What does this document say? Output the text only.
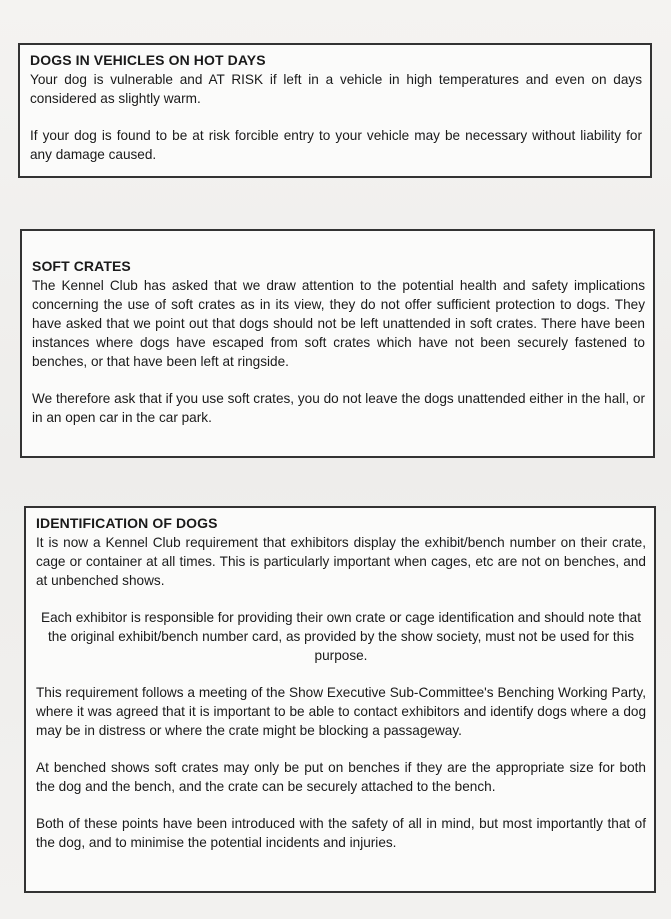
DOGS IN VEHICLES ON HOT DAYS

Your dog is vulnerable and AT RISK if left in a vehicle in high temperatures and even on days considered as slightly warm.

If your dog is found to be at risk forcible entry to your vehicle may be necessary without liability for any damage caused.

SOFT CRATES

The Kennel Club has asked that we draw attention to the potential health and safety implications concerning the use of soft crates as in its view, they do not offer sufficient protection to dogs. They have asked that we point out that dogs should not be left unattended in soft crates. There have been instances where dogs have escaped from soft crates which have not been securely fastened to benches, or that have been left at ringside.

We therefore ask that if you use soft crates, you do not leave the dogs unattended either in the hall, or in an open car in the car park.

IDENTIFICATION OF DOGS

It is now a Kennel Club requirement that exhibitors display the exhibit/bench number on their crate, cage or container at all times. This is particularly important when cages, etc are not on benches, and at unbenched shows.

Each exhibitor is responsible for providing their own crate or cage identification and should note that the original exhibit/bench number card, as provided by the show society, must not be used for this purpose.

This requirement follows a meeting of the Show Executive Sub-Committee's Benching Working Party, where it was agreed that it is important to be able to contact exhibitors and identify dogs where a dog may be in distress or where the crate might be blocking a passageway.

At benched shows soft crates may only be put on benches if they are the appropriate size for both the dog and the bench, and the crate can be securely attached to the bench.

Both of these points have been introduced with the safety of all in mind, but most importantly that of the dog, and to minimise the potential incidents and injuries.
